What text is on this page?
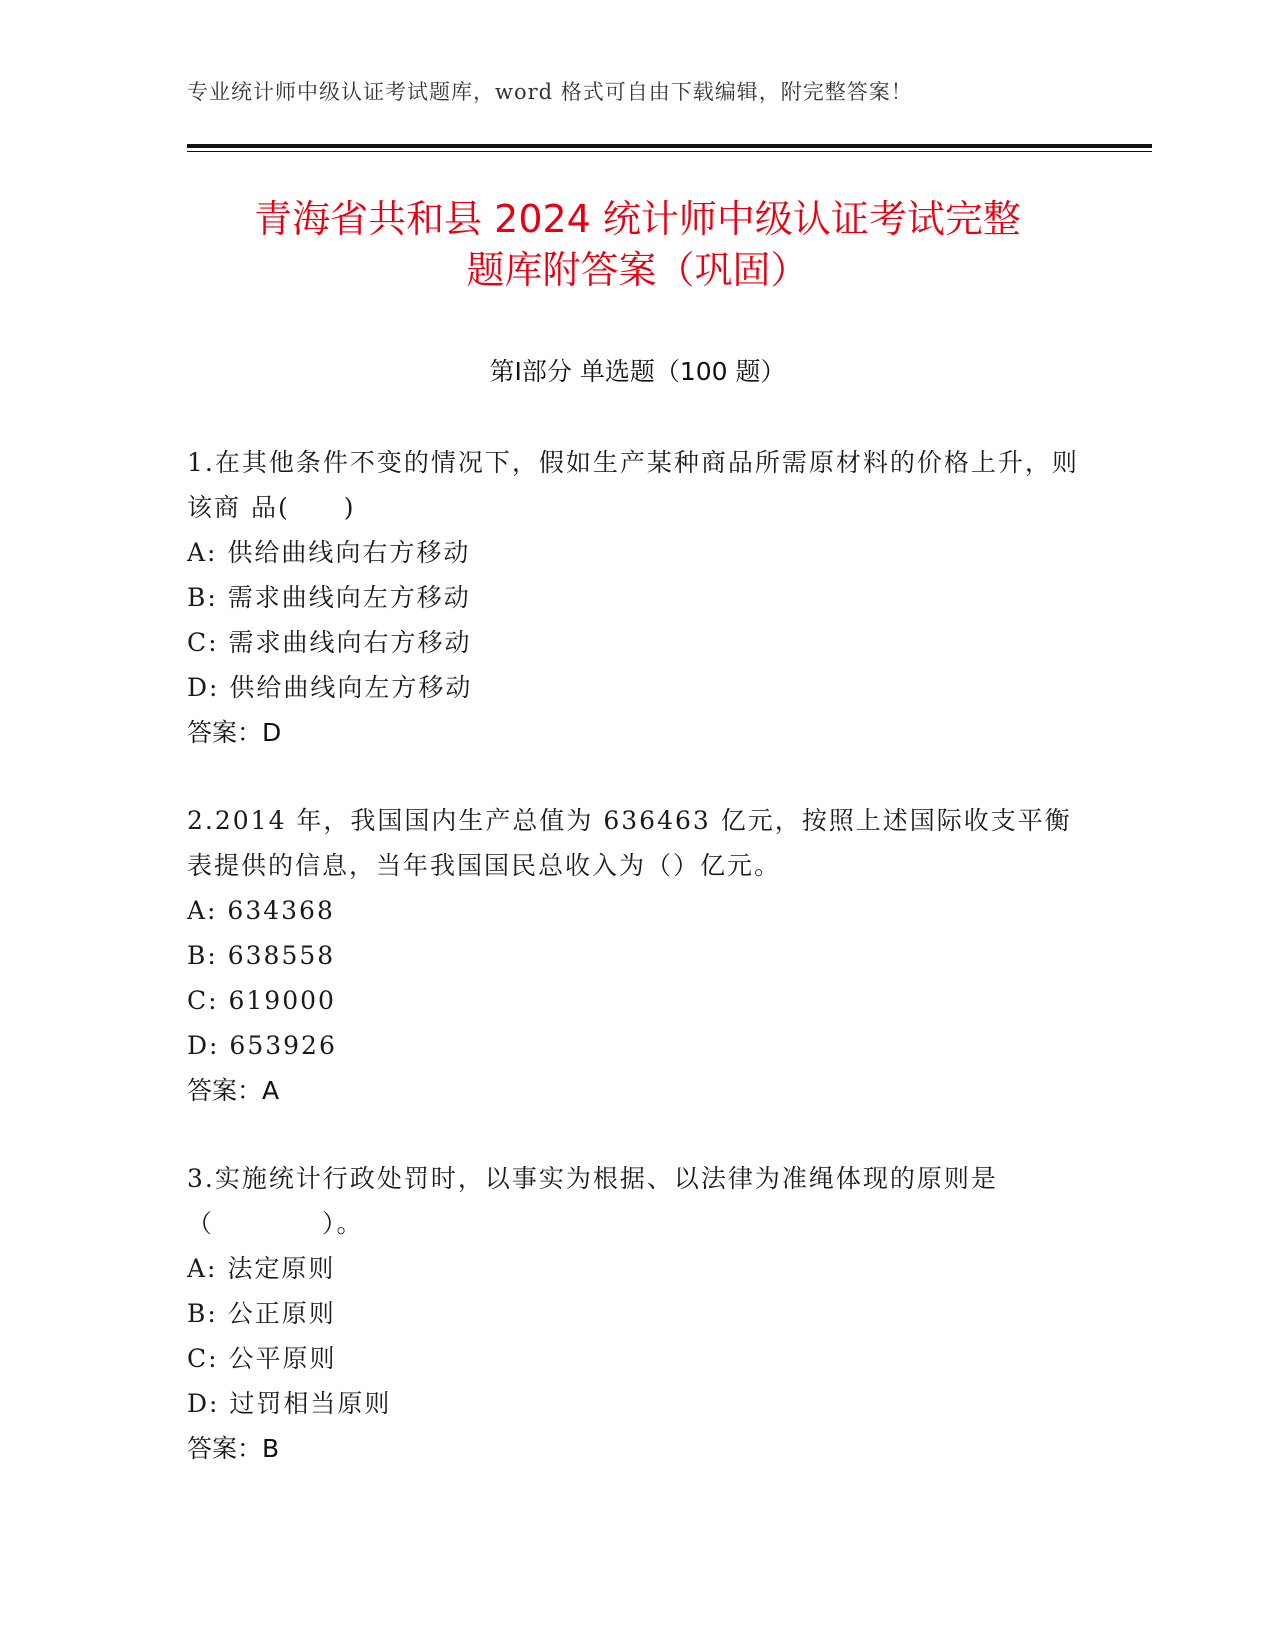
专业统计师中级认证考试题库，word 格式可自由下载编辑，附完整答案！
青海省共和县 2024 统计师中级认证考试完整
题库附答案（巩固）
第Ⅰ部分 单选题（100 题）
1.在其他条件不变的情况下，假如生产某种商品所需原材料的价格上升，则该商 品(　　)
A: 供给曲线向右方移动
B: 需求曲线向左方移动
C: 需求曲线向右方移动
D: 供给曲线向左方移动
答案：D
2.2014 年，我国国内生产总值为 636463 亿元，按照上述国际收支平衡表提供的信息，当年我国国民总收入为（）亿元。
A: 634368
B: 638558
C: 619000
D: 653926
答案：A
3.实施统计行政处罚时，以事实为根据、以法律为准绳体现的原则是（　　　　）。
A: 法定原则
B: 公正原则
C: 公平原则
D: 过罚相当原则
答案：B
